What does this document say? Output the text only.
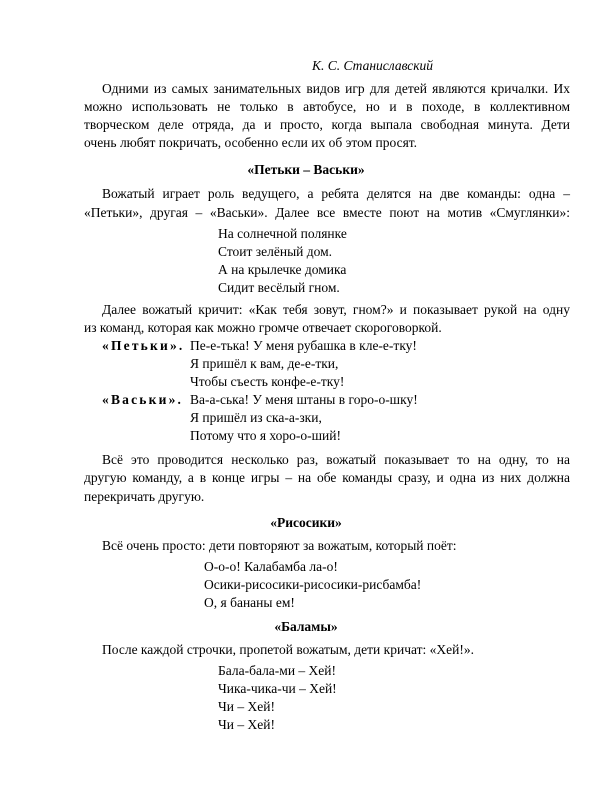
К. С. Станиславский
Одними из самых занимательных видов игр для детей являются кричалки. Их
можно использовать не только в автобусе, но и в походе, в коллективном
творческом деле отряда, да и просто, когда выпала свободная минута. Дети
очень любят покричать, особенно если их об этом просят.
«Петьки – Васьки»
Вожатый играет роль ведущего, а ребята делятся на две команды: одна –
«Петьки», другая – «Васьки». Далее все вместе поют на мотив «Смуглянки»:
На солнечной полянке
Стоит зелёный дом.
А на крылечке домика
Сидит весёлый гном.
Далее вожатый кричит: «Как тебя зовут, гном?» и показывает рукой на одну
из команд, которая как можно громче отвечает скороговоркой.
«Петьки». Пе-е-тька! У меня рубашка в кле-е-тку!
Я пришёл к вам, де-е-тки,
Чтобы съесть конфе-е-тку!
«Васьки». Ва-а-ська! У меня штаны в горо-о-шку!
Я пришёл из ска-а-зки,
Потому что я хоро-о-ший!
Всё это проводится несколько раз, вожатый показывает то на одну, то на
другую команду, а в конце игры – на обе команды сразу, и одна из них должна
перекричать другую.
«Рисосики»
Всё очень просто: дети повторяют за вожатым, который поёт:
О-о-о! Калабамба ла-о!
Осики-рисосики-рисосики-рисбамба!
О, я бананы ем!
«Баламы»
После каждой строчки, пропетой вожатым, дети кричат: «Хей!».
Бала-бала-ми – Хей!
Чика-чика-чи – Хей!
Чи – Хей!
Чи – Хей!
